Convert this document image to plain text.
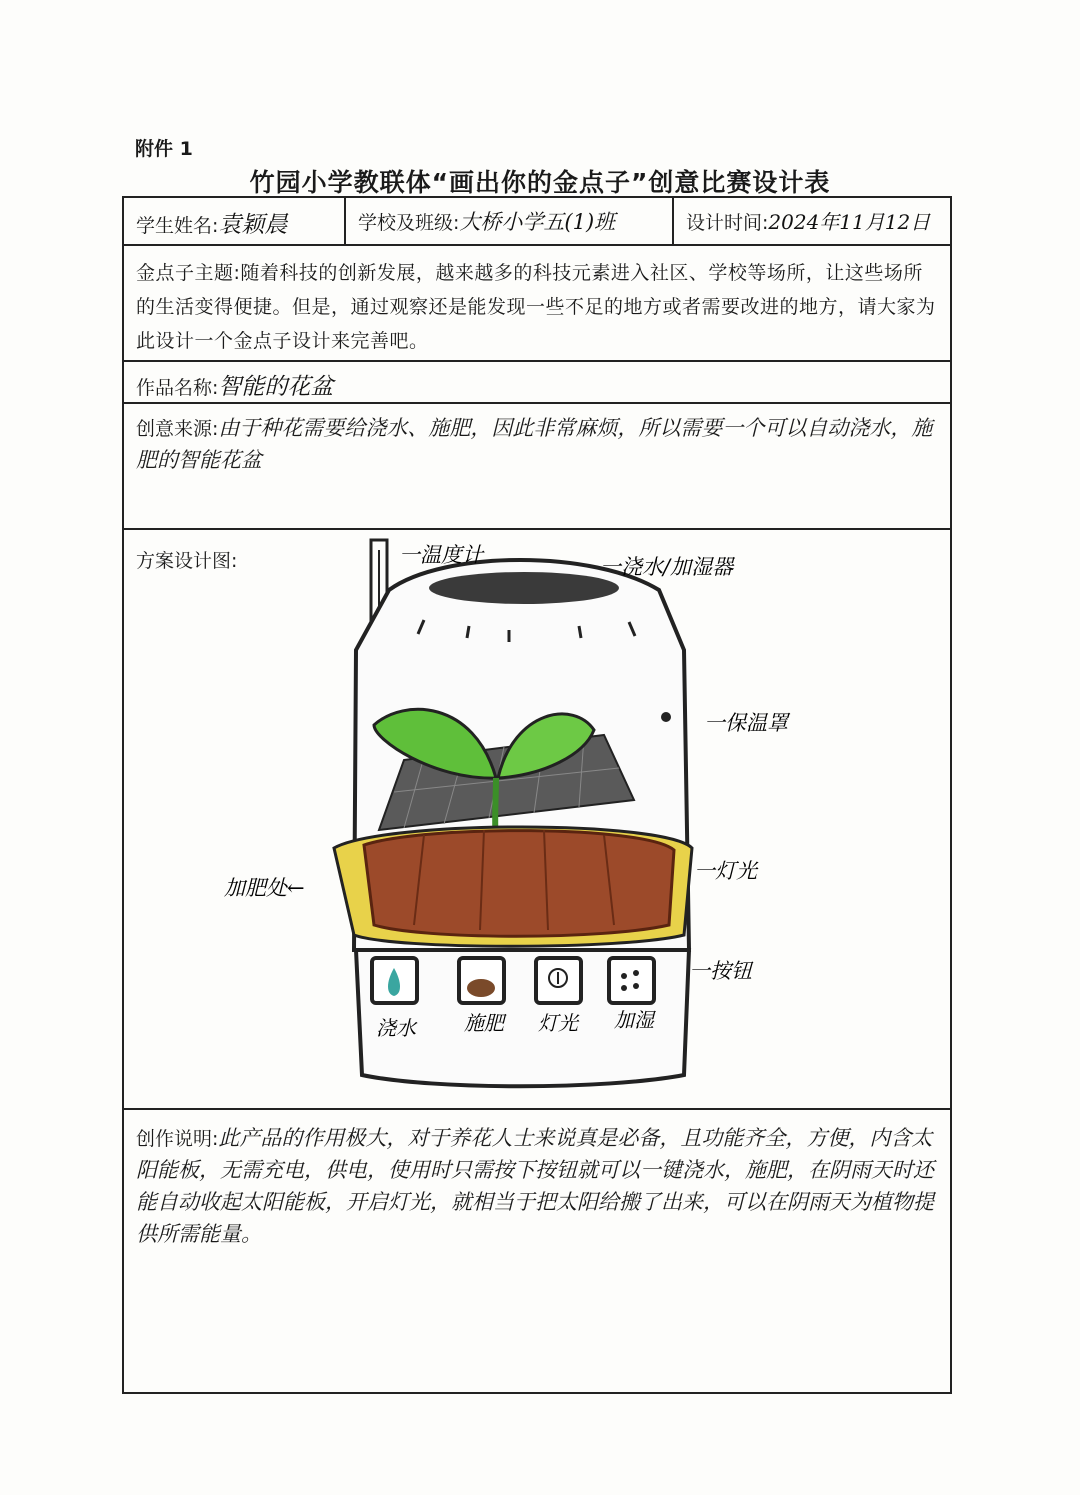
附件 1
竹园小学教联体“画出你的金点子”创意比赛设计表
学生姓名:袁颖晨	学校及班级:大桥小学五(1)班	设计时间:2024年11月12日
金点子主题:随着科技的创新发展，越来越多的科技元素进入社区、学校等场所，让这些场所的生活变得便捷。但是，通过观察还是能发现一些不足的地方或者需要改进的地方，请大家为此设计一个金点子设计来完善吧。
作品名称:智能的花盆
创意来源:由于种花需要给浇水、施肥，因此非常麻烦，所以需要一个可以自动浇水，施肥的智能花盆
方案设计图:
浇水 施肥 灯光 加湿
一温度计	一浇水/加湿器
一保温罩
一灯光
一按钮
加肥处←
创作说明:此产品的作用极大，对于养花人士来说真是必备，且功能齐全，方便，内含太阳能板，无需充电，供电，使用时只需按下按钮就可以一键浇水，施肥，在阴雨天时还能自动收起太阳能板，开启灯光，就相当于把太阳给搬了出来，可以在阴雨天为植物提供所需能量。
